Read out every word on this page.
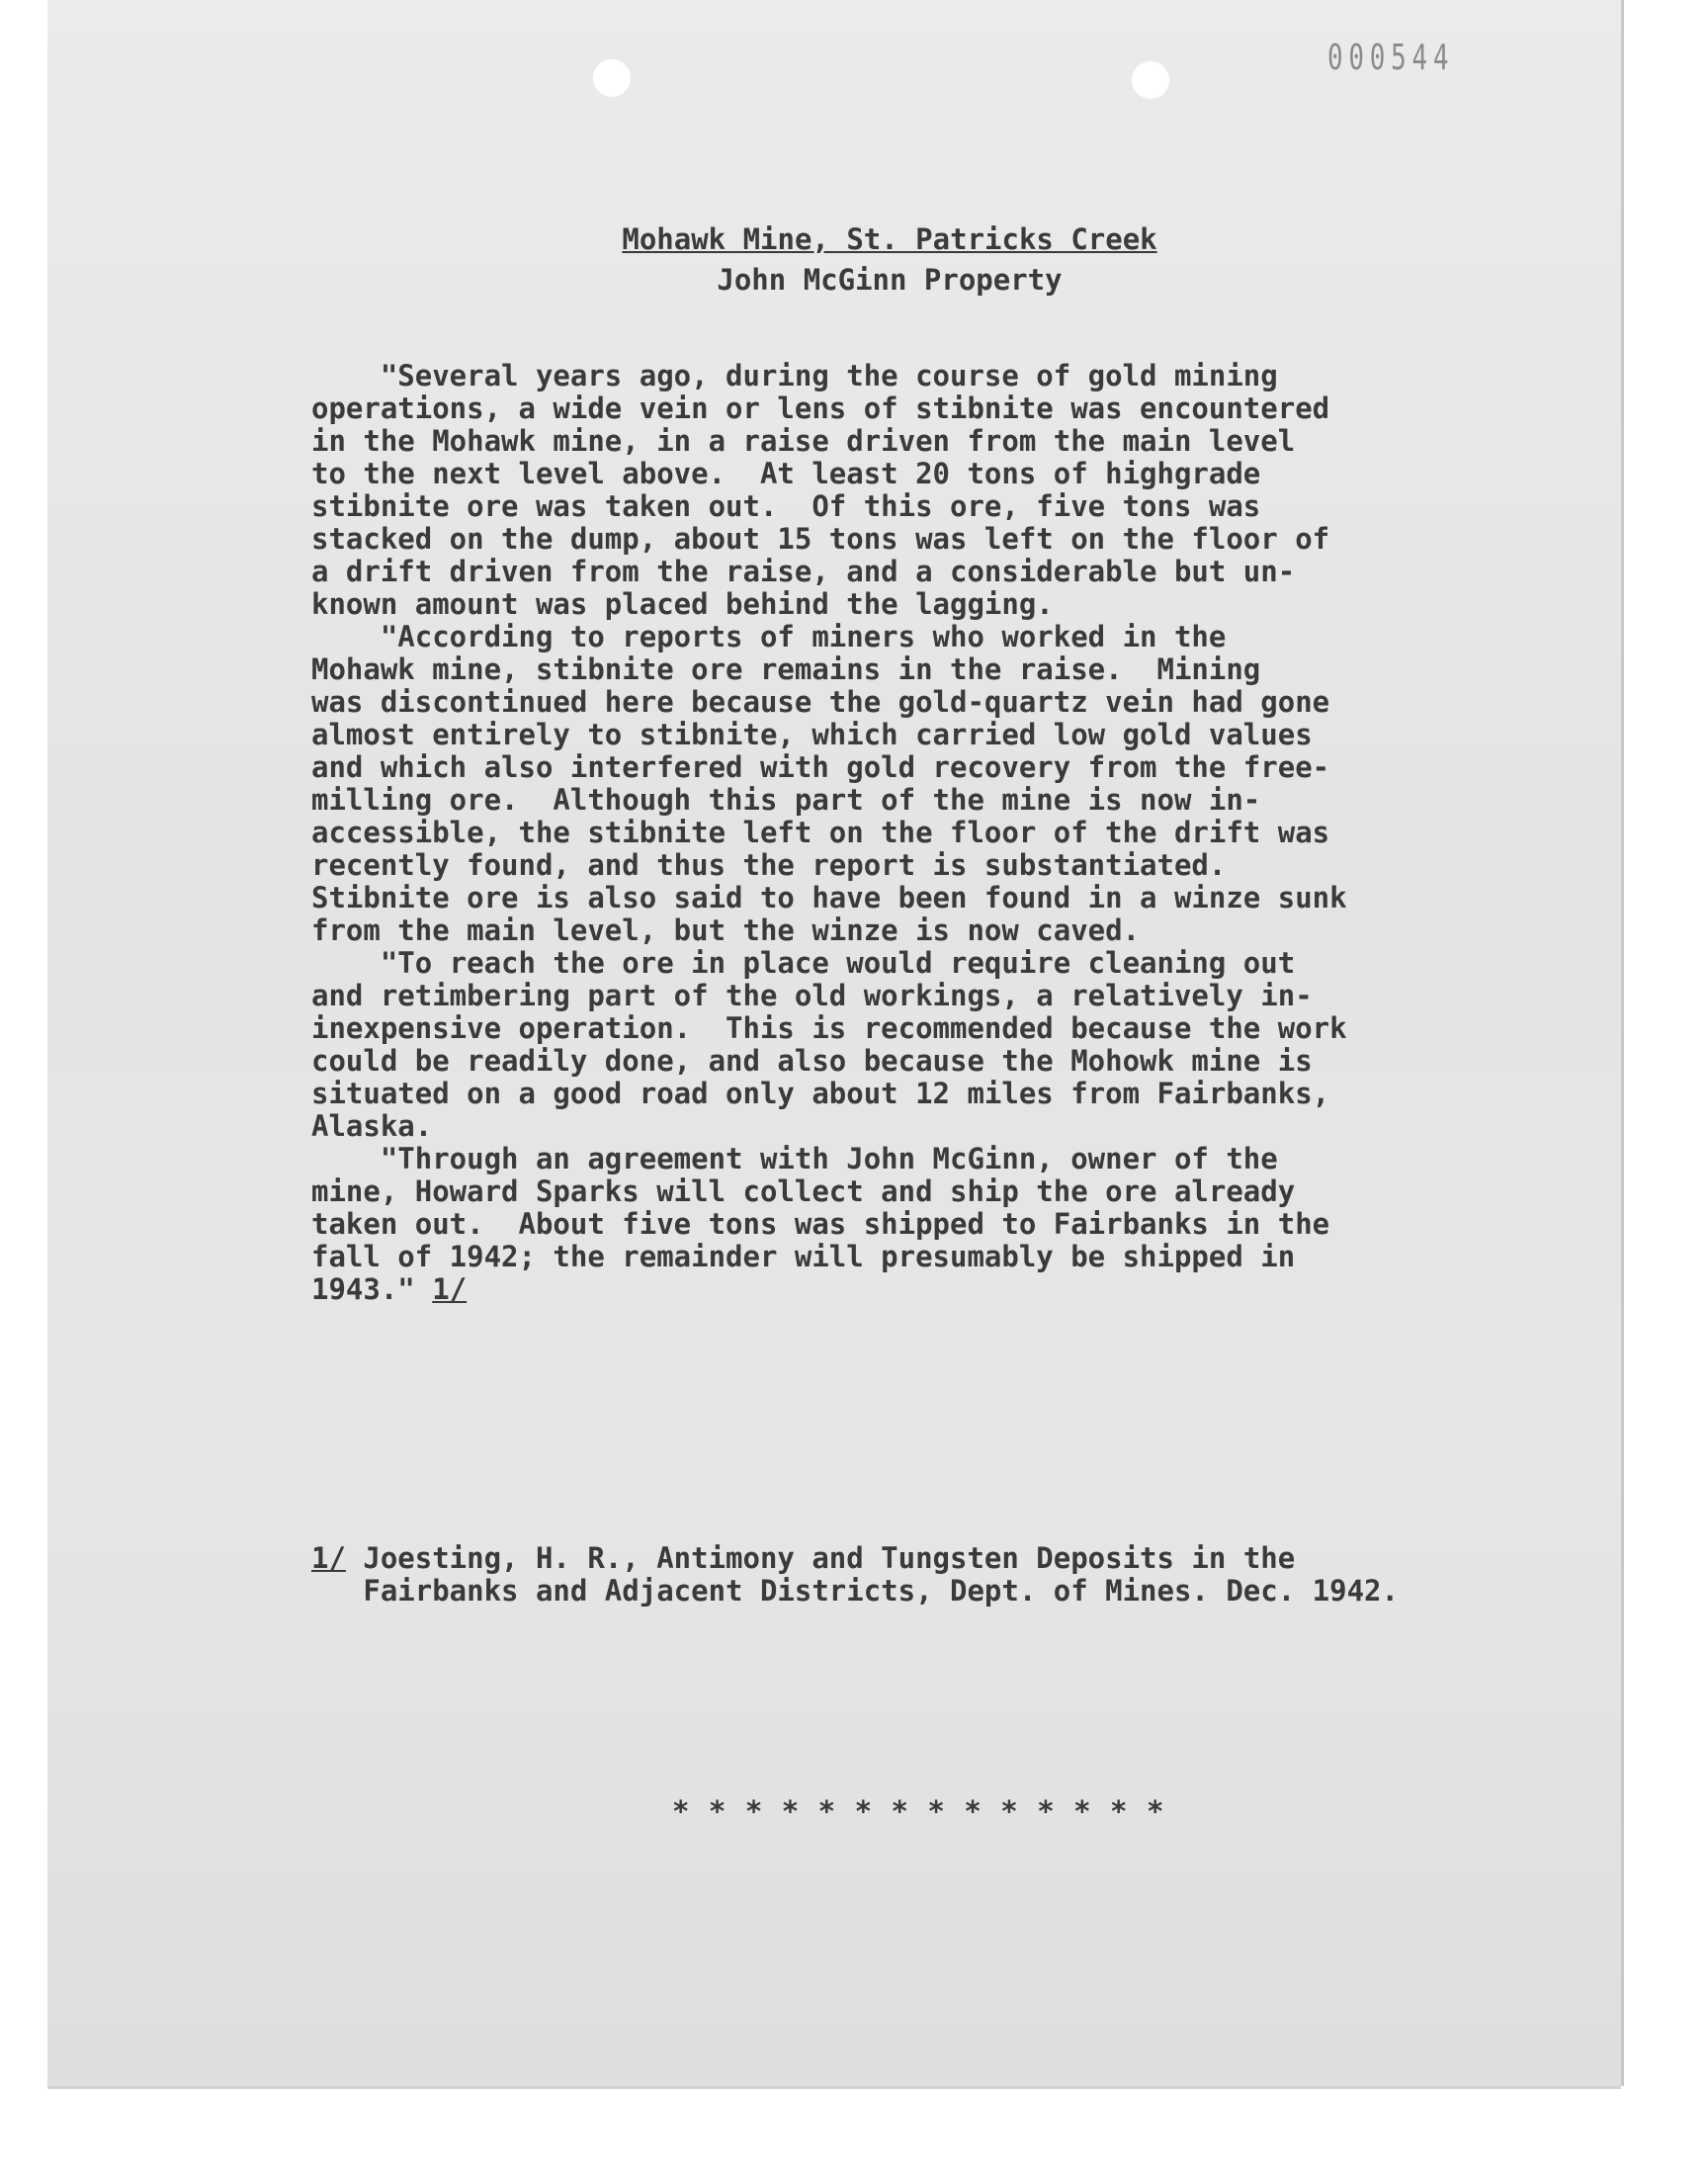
000544
Mohawk Mine, St. Patricks Creek
John McGinn Property
"Several years ago, during the course of gold mining
operations, a wide vein or lens of stibnite was encountered
in the Mohawk mine, in a raise driven from the main level
to the next level above.  At least 20 tons of highgrade
stibnite ore was taken out.  Of this ore, five tons was
stacked on the dump, about 15 tons was left on the floor of
a drift driven from the raise, and a considerable but un-
known amount was placed behind the lagging.
"According to reports of miners who worked in the
Mohawk mine, stibnite ore remains in the raise.  Mining
was discontinued here because the gold-quartz vein had gone
almost entirely to stibnite, which carried low gold values
and which also interfered with gold recovery from the free-
milling ore.  Although this part of the mine is now in-
accessible, the stibnite left on the floor of the drift was
recently found, and thus the report is substantiated.
Stibnite ore is also said to have been found in a winze sunk
from the main level, but the winze is now caved.
"To reach the ore in place would require cleaning out
and retimbering part of the old workings, a relatively in-
inexpensive operation.  This is recommended because the work
could be readily done, and also because the Mohowk mine is
situated on a good road only about 12 miles from Fairbanks,
Alaska.
"Through an agreement with John McGinn, owner of the
mine, Howard Sparks will collect and ship the ore already
taken out.  About five tons was shipped to Fairbanks in the
fall of 1942; the remainder will presumably be shipped in
1943." 1/
1/ Joesting, H. R., Antimony and Tungsten Deposits in the
Fairbanks and Adjacent Districts, Dept. of Mines. Dec. 1942.
* * * * * * * * * * * * * *
